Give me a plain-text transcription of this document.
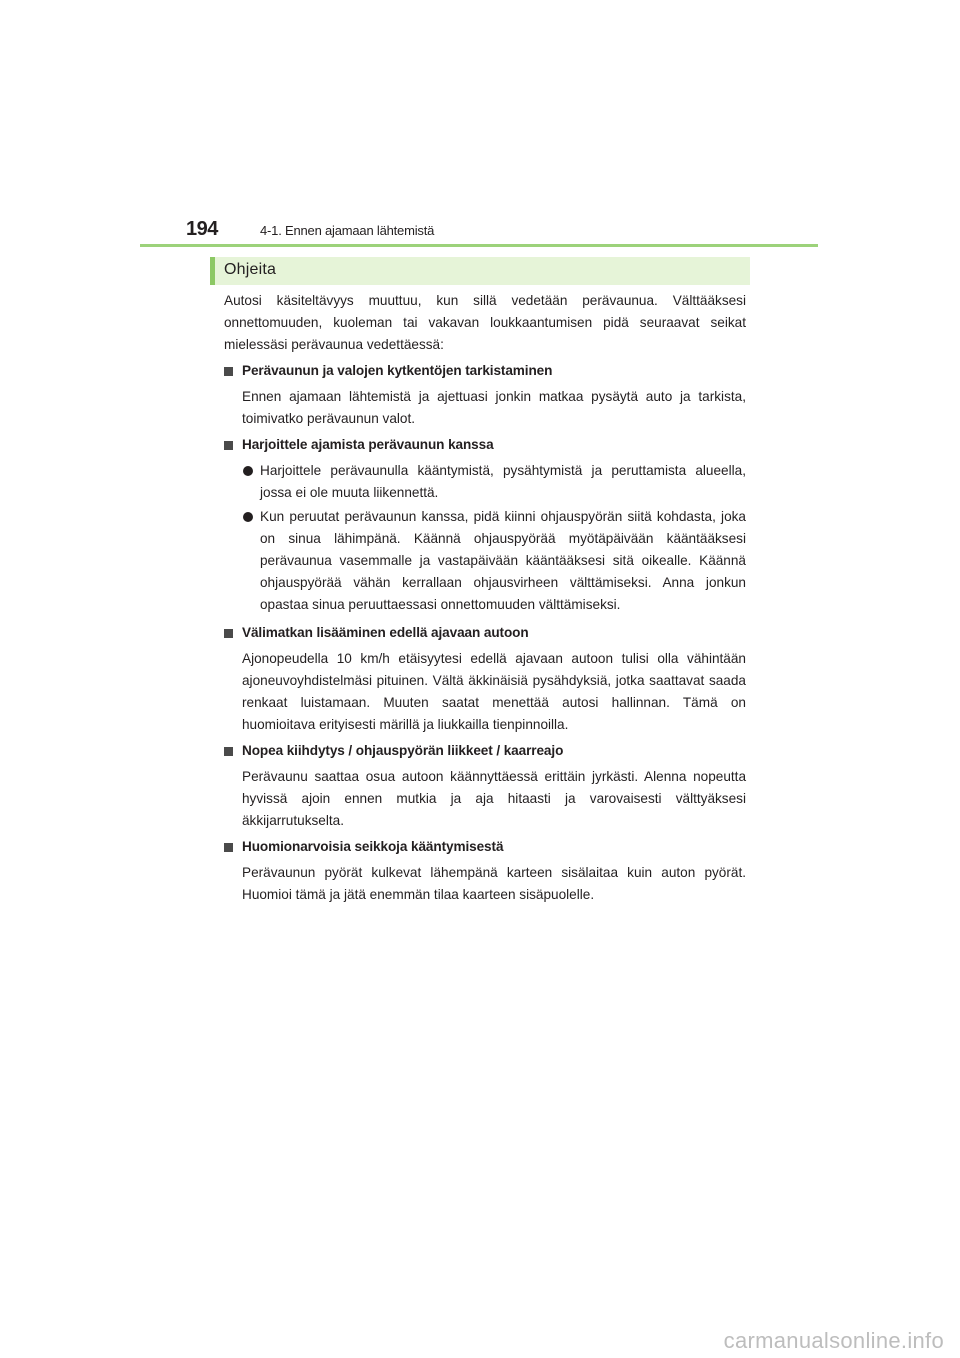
194	4-1. Ennen ajamaan lähtemistä
Ohjeita

Autosi käsiteltävyys muuttuu, kun sillä vedetään perävaunua. Välttääksesi onnettomuuden, kuoleman tai vakavan loukkaantumisen pidä seuraavat seikat mielessäsi perävaunua vedettäessä:

Perävaunun ja valojen kytkentöjen tarkistaminen

Ennen ajamaan lähtemistä ja ajettuasi jonkin matkaa pysäytä auto ja tarkista, toimivatko perävaunun valot.

Harjoittele ajamista perävaunun kanssa
Harjoittele perävaunulla kääntymistä, pysähtymistä ja peruttamista alueella, jossa ei ole muuta liikennettä.
Kun peruutat perävaunun kanssa, pidä kiinni ohjauspyörän siitä kohdasta, joka on sinua lähimpänä. Käännä ohjauspyörää myötäpäivään kääntääksesi perävaunua vasemmalle ja vastapäivään kääntääksesi sitä oikealle. Käännä ohjauspyörää vähän kerrallaan ohjausvirheen välttämiseksi. Anna jonkun opastaa sinua peruuttaessasi onnettomuuden välttämiseksi.
Välimatkan lisääminen edellä ajavaan autoon

Ajonopeudella 10 km/h etäisyytesi edellä ajavaan autoon tulisi olla vähintään ajoneuvoyhdistelmäsi pituinen. Vältä äkkinäisiä pysähdyksiä, jotka saattavat saada renkaat luistamaan. Muuten saatat menettää autosi hallinnan. Tämä on huomioitava erityisesti märillä ja liukkailla tienpinnoilla.

Nopea kiihdytys / ohjauspyörän liikkeet / kaarreajo

Perävaunu saattaa osua autoon käännyttäessä erittäin jyrkästi. Alenna nopeutta hyvissä ajoin ennen mutkia ja aja hitaasti ja varovaisesti välttyäksesi äkkijarrutukselta.

Huomionarvoisia seikkoja kääntymisestä

Perävaunun pyörät kulkevat lähempänä karteen sisälaitaa kuin auton pyörät. Huomioi tämä ja jätä enemmän tilaa kaarteen sisäpuolelle.

carmanualsonline.info
